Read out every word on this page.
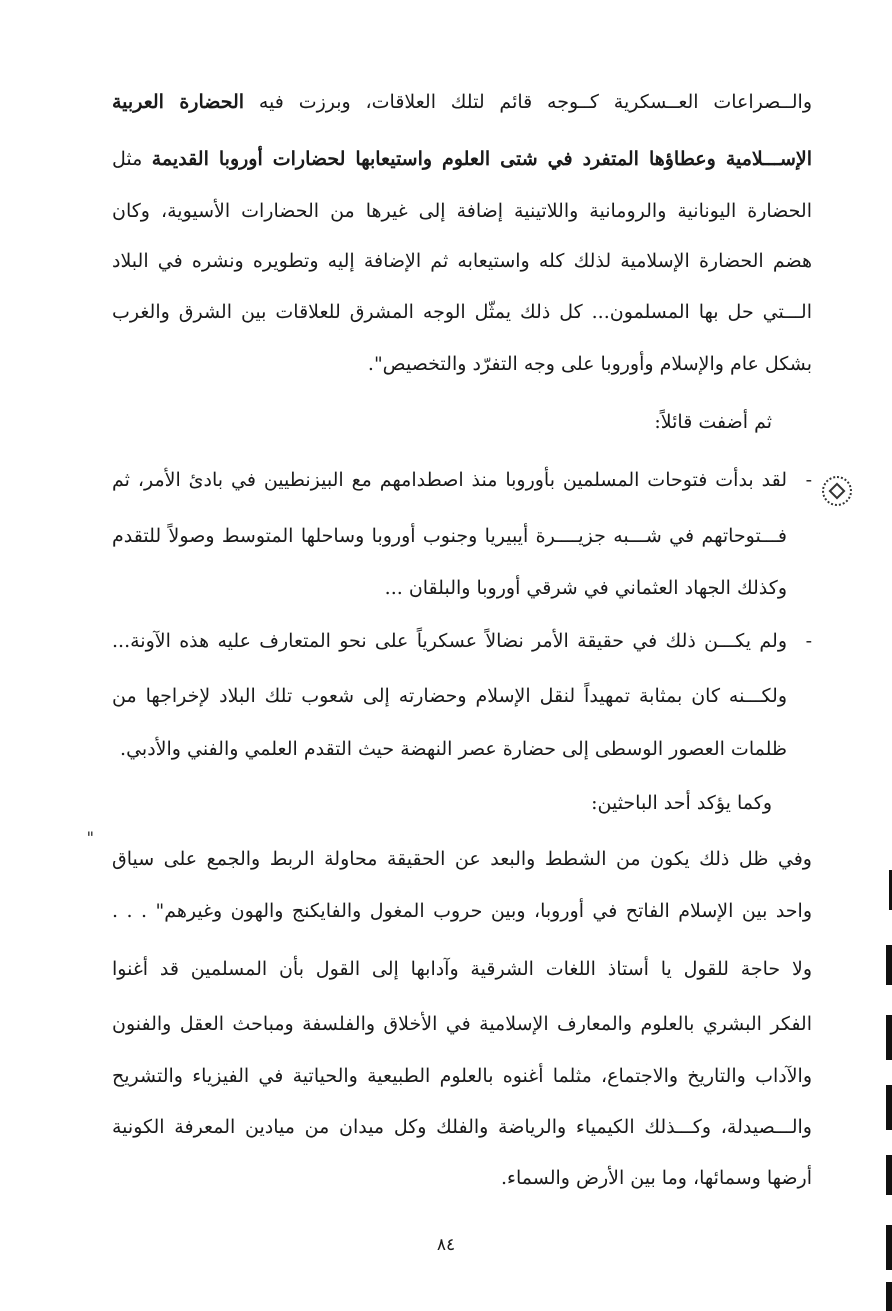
والــصراعات العــسكرية كــوجه قائم لتلك العلاقات، وبرزت فيه الحضارة العربية
الإســـلامية وعطاؤها المتفرد في شتى العلوم واستيعابها لحضارات أوروبا القديمة مثل
الحضارة اليونانية والرومانية واللاتينية إضافة إلى غيرها من الحضارات الأسيوية، وكان
هضم الحضارة الإسلامية لذلك كله واستيعابه ثم الإضافة إليه وتطويره ونشره في البلاد
الـــتي حل بها المسلمون... كل ذلك يمثّل الوجه المشرق للعلاقات بين الشرق والغرب
بشكل عام والإسلام وأوروبا على وجه التفرّد والتخصيص".
ثم أضفت قائلاً:
-
لقد بدأت فتوحات المسلمين بأوروبا منذ اصطدامهم مع البيزنطيين في بادئ الأمر، ثم
فـــتوحاتهم في شـــبه جزيــــرة أيبيريا وجنوب أوروبا وساحلها المتوسط وصولاً للتقدم
وكذلك الجهاد العثماني في شرقي أوروبا والبلقان ...
-
ولم يكـــن ذلك في حقيقة الأمر نضالاً عسكرياً على نحو المتعارف عليه هذه الآونة...
ولكـــنه كان بمثابة تمهيداً لنقل الإسلام وحضارته إلى شعوب تلك البلاد لإخراجها من
ظلمات العصور الوسطى إلى حضارة عصر النهضة حيث التقدم العلمي والفني والأدبي.
وكما يؤكد أحد الباحثين:
"
وفي ظل ذلك يكون من الشطط والبعد عن الحقيقة محاولة الربط والجمع على سياق
واحد بين الإسلام الفاتح في أوروبا، وبين حروب المغول والفايكنج والهون وغيرهم" . . .
ولا حاجة للقول يا أستاذ اللغات الشرقية وآدابها إلى القول بأن المسلمين قد أغنوا
الفكر البشري بالعلوم والمعارف الإسلامية في الأخلاق والفلسفة ومباحث العقل والفنون
والآداب والتاريخ والاجتماع، مثلما أغنوه بالعلوم الطبيعية والحياتية في الفيزياء والتشريح
والـــصيدلة، وكـــذلك الكيمياء والرياضة والفلك وكل ميدان من ميادين المعرفة الكونية
أرضها وسمائها، وما بين الأرض والسماء.
٨٤
